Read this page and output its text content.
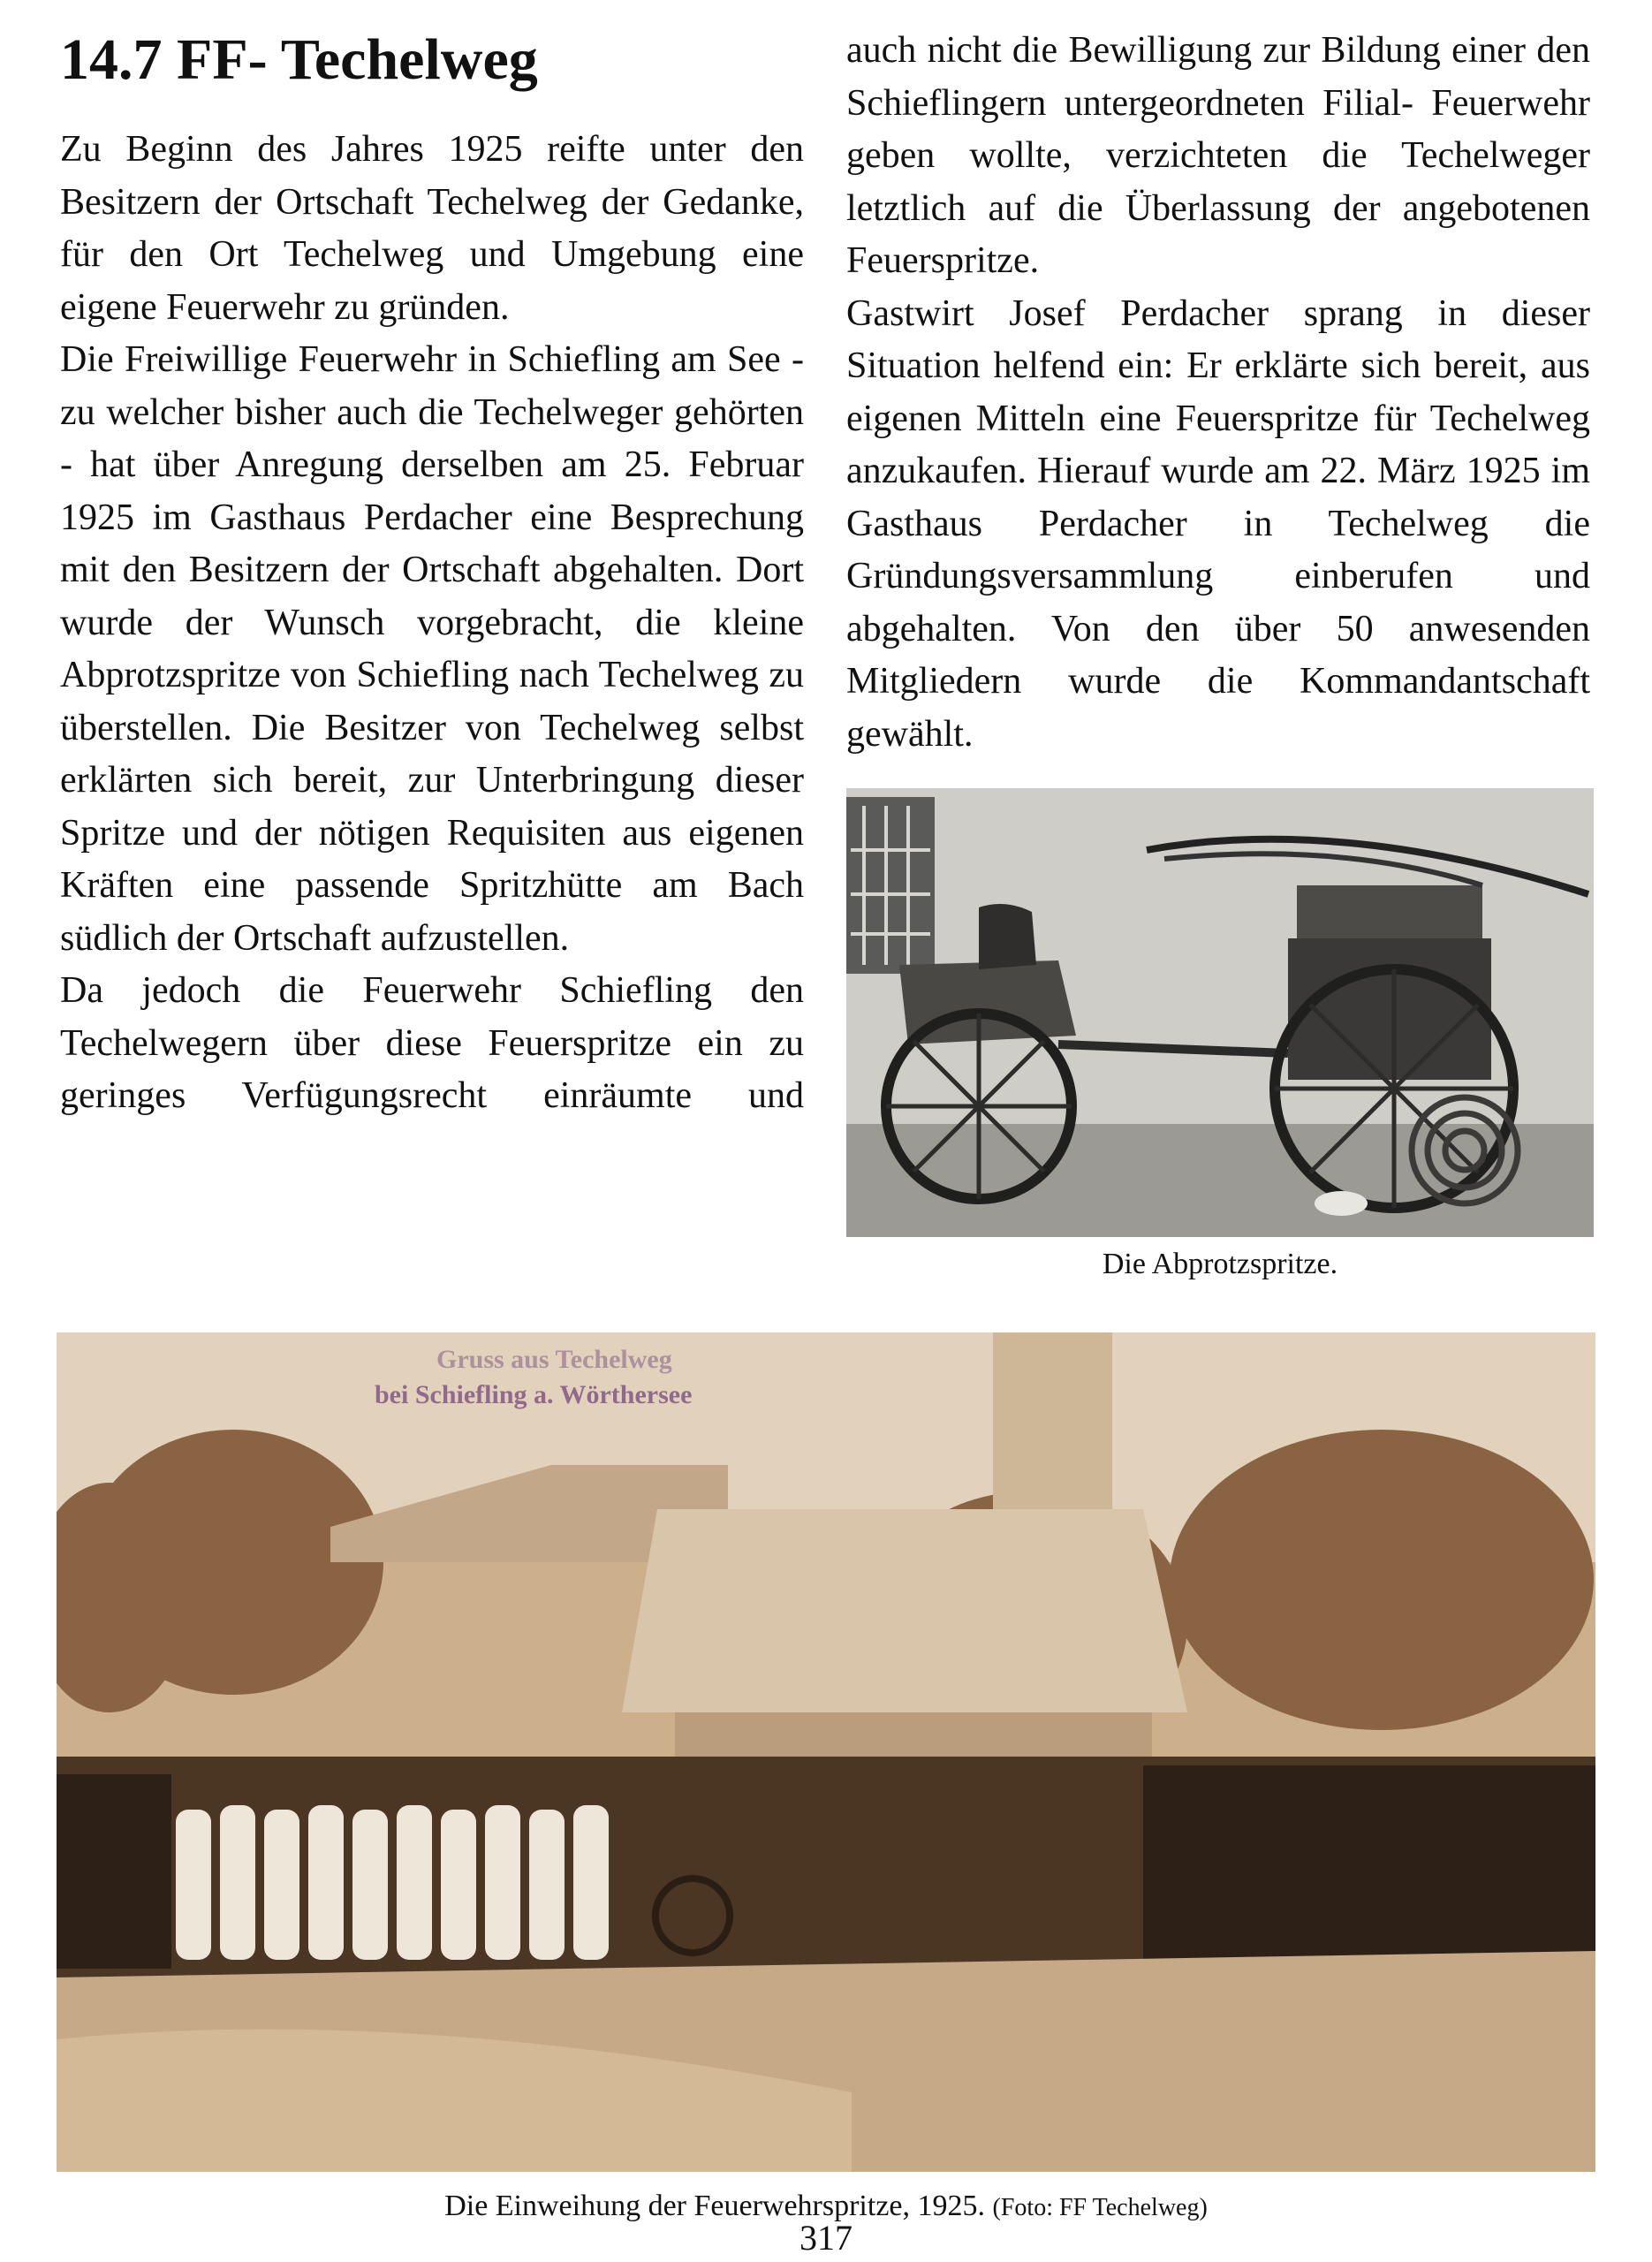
14.7 FF- Techelweg

Zu Beginn des Jahres 1925 reifte unter den Besitzern der Ortschaft Techelweg der Gedanke, für den Ort Techelweg und Umgebung eine eigene Feuerwehr zu gründen.

Die Freiwillige Feuerwehr in Schiefling am See - zu welcher bisher auch die Techelweger gehörten - hat über Anregung derselben am 25. Februar 1925 im Gasthaus Perdacher eine Besprechung mit den Besitzern der Ortschaft abgehalten. Dort wurde der Wunsch vorgebracht, die kleine Abprotzspritze von Schiefling nach Techelweg zu überstellen. Die Besitzer von Techelweg selbst erklärten sich bereit, zur Unterbringung dieser Spritze und der nötigen Requisiten aus eigenen Kräften eine passende Spritzhütte am Bach südlich der Ortschaft aufzustellen.

Da jedoch die Feuerwehr Schiefling den Techelwegern über diese Feuerspritze ein zu geringes Verfügungsrecht einräumte und

auch nicht die Bewilligung zur Bildung einer den Schieflingern untergeordneten Filial- Feuerwehr geben wollte, verzichteten die Techelweger letztlich auf die Überlassung der angebotenen Feuerspritze.

Gastwirt Josef Perdacher sprang in dieser Situation helfend ein: Er erklärte sich bereit, aus eigenen Mitteln eine Feuerspritze für Techelweg anzukaufen. Hierauf wurde am 22. März 1925 im Gasthaus Perdacher in Techelweg die Gründungsversammlung einberufen und abgehalten. Von den über 50 anwesenden Mitgliedern wurde die Kommandantschaft gewählt.

Die Abprotzspritze.
Gruss aus Techelweg
bei Schiefling a. Wörthersee
Die Einweihung der Feuerwehrspritze, 1925. (Foto: FF Techelweg)
317
